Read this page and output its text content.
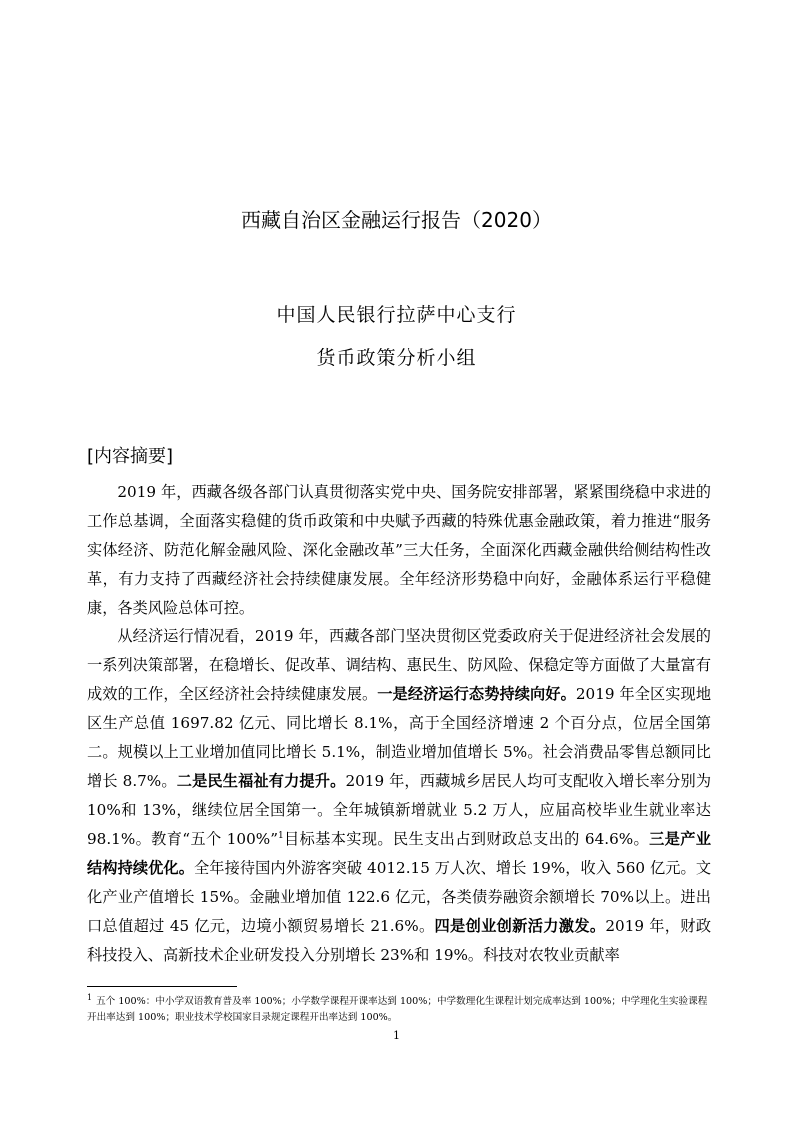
西藏自治区金融运行报告（2020）
中国人民银行拉萨中心支行
货币政策分析小组
[内容摘要]

2019 年，西藏各级各部门认真贯彻落实党中央、国务院安排部署，紧紧围绕稳中求进的工作总基调，全面落实稳健的货币政策和中央赋予西藏的特殊优惠金融政策，着力推进“服务实体经济、防范化解金融风险、深化金融改革”三大任务，全面深化西藏金融供给侧结构性改革，有力支持了西藏经济社会持续健康发展。全年经济形势稳中向好，金融体系运行平稳健康，各类风险总体可控。

从经济运行情况看，2019 年，西藏各部门坚决贯彻区党委政府关于促进经济社会发展的一系列决策部署，在稳增长、促改革、调结构、惠民生、防风险、保稳定等方面做了大量富有成效的工作，全区经济社会持续健康发展。一是经济运行态势持续向好。2019 年全区实现地区生产总值 1697.82 亿元、同比增长 8.1%，高于全国经济增速 2 个百分点，位居全国第二。规模以上工业增加值同比增长 5.1%，制造业增加值增长 5%。社会消费品零售总额同比增长 8.7%。二是民生福祉有力提升。2019 年，西藏城乡居民人均可支配收入增长率分别为 10%和 13%，继续位居全国第一。全年城镇新增就业 5.2 万人，应届高校毕业生就业率达 98.1%。教育“五个 100%”$^1$目标基本实现。民生支出占到财政总支出的 64.6%。三是产业结构持续优化。全年接待国内外游客突破 4012.15 万人次、增长 19%，收入 560 亿元。文化产业产值增长 15%。金融业增加值 122.6 亿元，各类债券融资余额增长 70%以上。进出口总值超过 45 亿元，边境小额贸易增长 21.6%。四是创业创新活力激发。2019 年，财政科技投入、高新技术企业研发投入分别增长 23%和 19%。科技对农牧业贡献率

$^1$ 五个 100%：中小学双语教育普及率 100%；小学数学课程开课率达到 100%；中学数理化生课程计划完成率达到 100%；中学理化生实验课程开出率达到 100%；职业技术学校国家目录规定课程开出率达到 100%。
1
